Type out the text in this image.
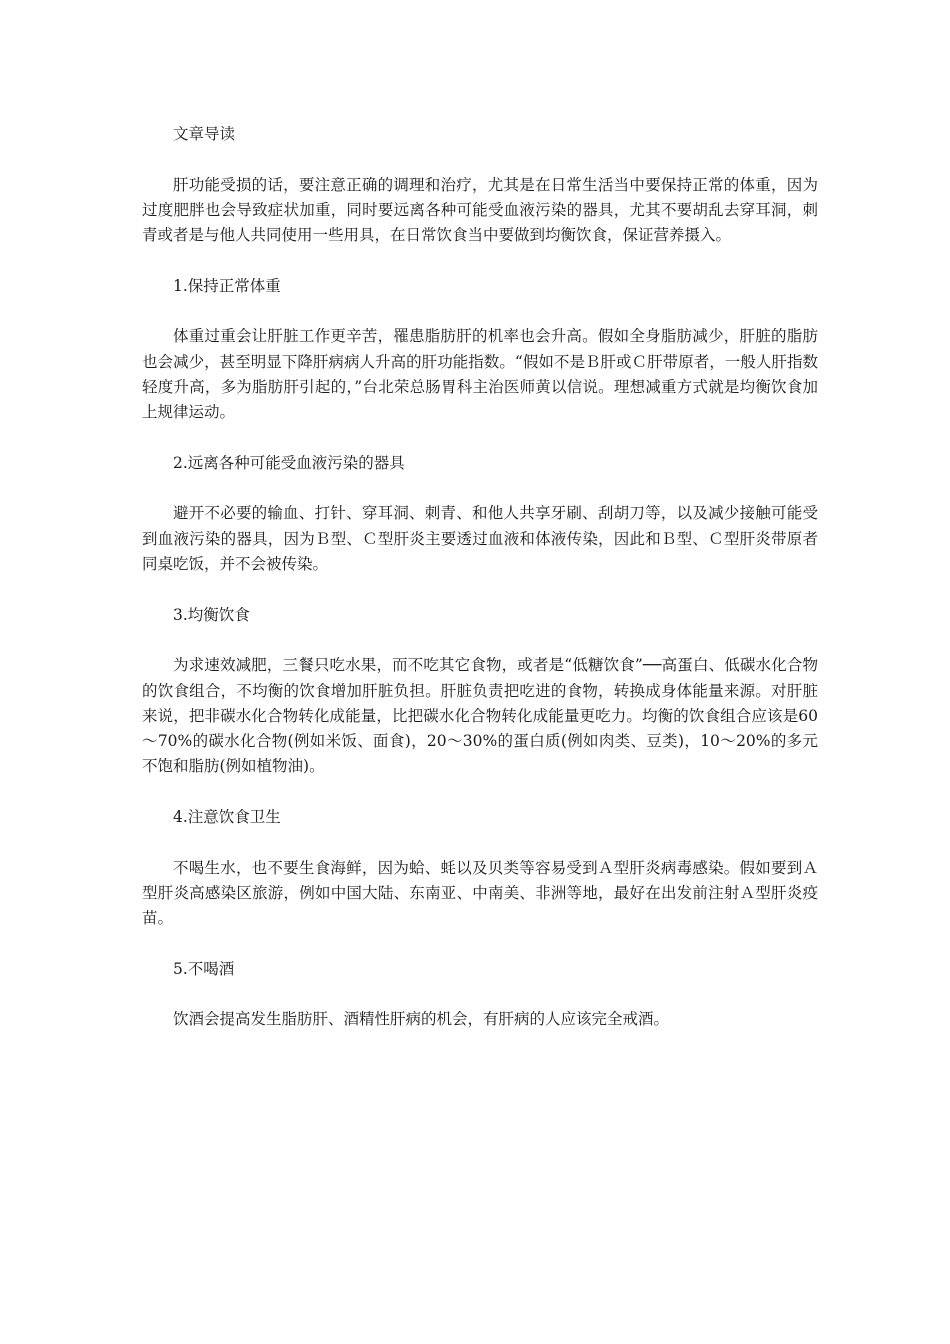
文章导读

肝功能受损的话，要注意正确的调理和治疗，尤其是在日常生活当中要保持正常的体重，因为过度肥胖也会导致症状加重，同时要远离各种可能受血液污染的器具，尤其不要胡乱去穿耳洞，刺青或者是与他人共同使用一些用具，在日常饮食当中要做到均衡饮食，保证营养摄入。

1.保持正常体重

体重过重会让肝脏工作更辛苦，罹患脂肪肝的机率也会升高。假如全身脂肪减少，肝脏的脂肪也会减少，甚至明显下降肝病病人升高的肝功能指数。“假如不是Ｂ肝或Ｃ肝带原者，一般人肝指数轻度升高，多为脂肪肝引起的，”台北荣总肠胃科主治医师黄以信说。理想减重方式就是均衡饮食加上规律运动。

2.远离各种可能受血液污染的器具

避开不必要的输血、打针、穿耳洞、刺青、和他人共享牙刷、刮胡刀等，以及减少接触可能受到血液污染的器具，因为Ｂ型、Ｃ型肝炎主要透过血液和体液传染，因此和Ｂ型、Ｃ型肝炎带原者同桌吃饭，并不会被传染。

3.均衡饮食

为求速效减肥，三餐只吃水果，而不吃其它食物，或者是“低糖饮食”──高蛋白、低碳水化合物的饮食组合，不均衡的饮食增加肝脏负担。肝脏负责把吃进的食物，转换成身体能量来源。对肝脏来说，把非碳水化合物转化成能量，比把碳水化合物转化成能量更吃力。均衡的饮食组合应该是60～70%的碳水化合物(例如米饭、面食)，20～30%的蛋白质(例如肉类、豆类)，10～20%的多元不饱和脂肪(例如植物油)。

4.注意饮食卫生

不喝生水，也不要生食海鲜，因为蛤、蚝以及贝类等容易受到Ａ型肝炎病毒感染。假如要到Ａ型肝炎高感染区旅游，例如中国大陆、东南亚、中南美、非洲等地，最好在出发前注射Ａ型肝炎疫苗。

5.不喝酒

饮酒会提高发生脂肪肝、酒精性肝病的机会，有肝病的人应该完全戒酒。
